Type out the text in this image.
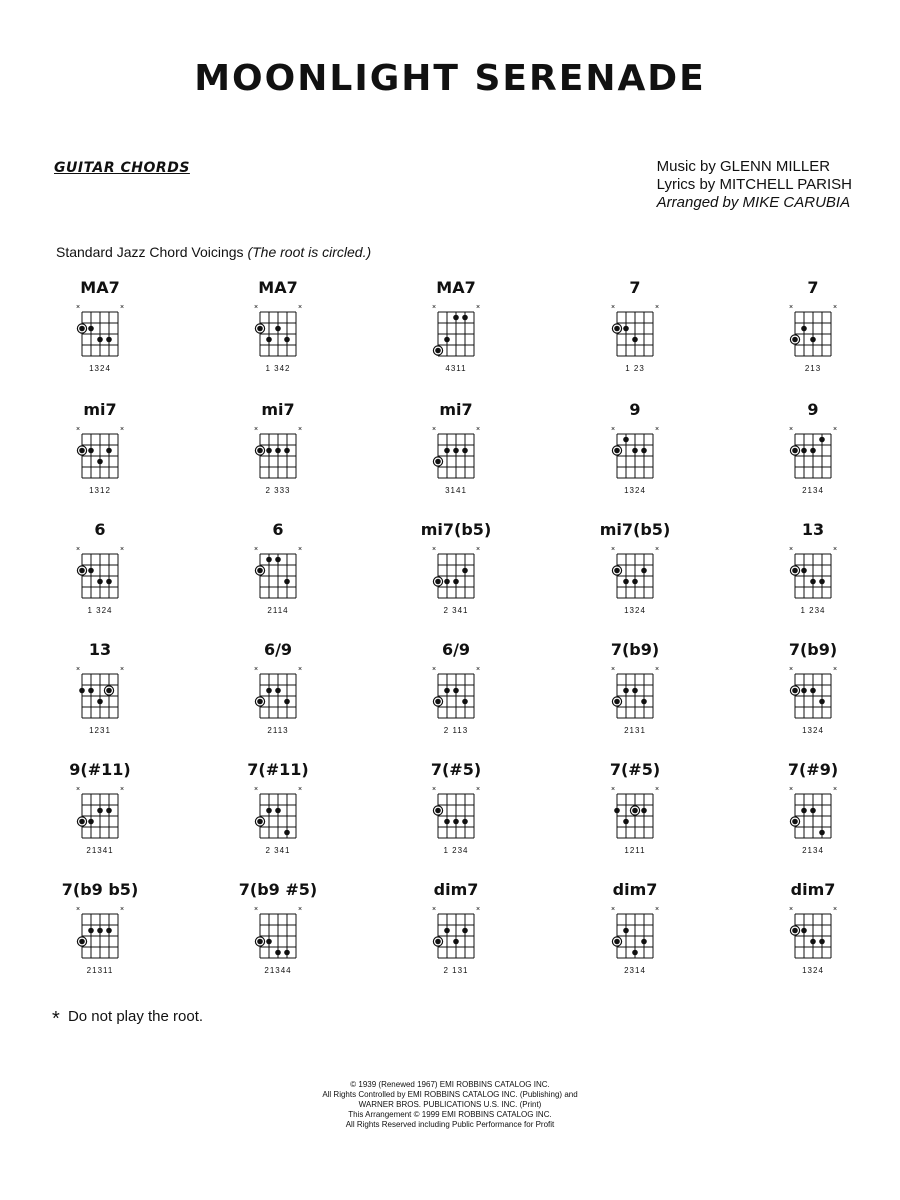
MOONLIGHT SERENADE
GUITAR CHORDS	Music by GLENN MILLER
Lyrics by MITCHELL PARISH
Arranged by MIKE CARUBIA
Standard Jazz Chord Voicings (The root is circled.)
MA7
×	×
1324
MA7
×	×
1 342
MA7
×	×
4311
7
×	×
1 23
7
×	×
213
mi7
×	×
1312
mi7
×	×
2 333
mi7
×	×
3141
9
×	×
1324
9
×	×
2134
6
×	×
1 324
6
×	×
2114
mi7(b5)
×	×
2 341
mi7(b5)
×	×
1324
13
×	×
1 234
13
×	×
1231
6/9
×	×
2113
6/9
×	×
2 113
7(b9)
×	×
2131
7(b9)
×	×
1324
9(#11)
×	×
21341
7(#11)
×	×
2 341
7(#5)
×	×
1 234
7(#5)
×	×
1211
7(#9)
×	×
2134
7(b9 b5)
×	×
21311
7(b9 #5)
×	×
21344
dim7
×	×
2 131
dim7
×	×
2314
dim7
×	×
1324
* Do not play the root.
© 1939 (Renewed 1967) EMI ROBBINS CATALOG INC.
All Rights Controlled by EMI ROBBINS CATALOG INC. (Publishing) and
WARNER BROS. PUBLICATIONS U.S. INC. (Print)
This Arrangement © 1999 EMI ROBBINS CATALOG INC.
All Rights Reserved including Public Performance for Profit
